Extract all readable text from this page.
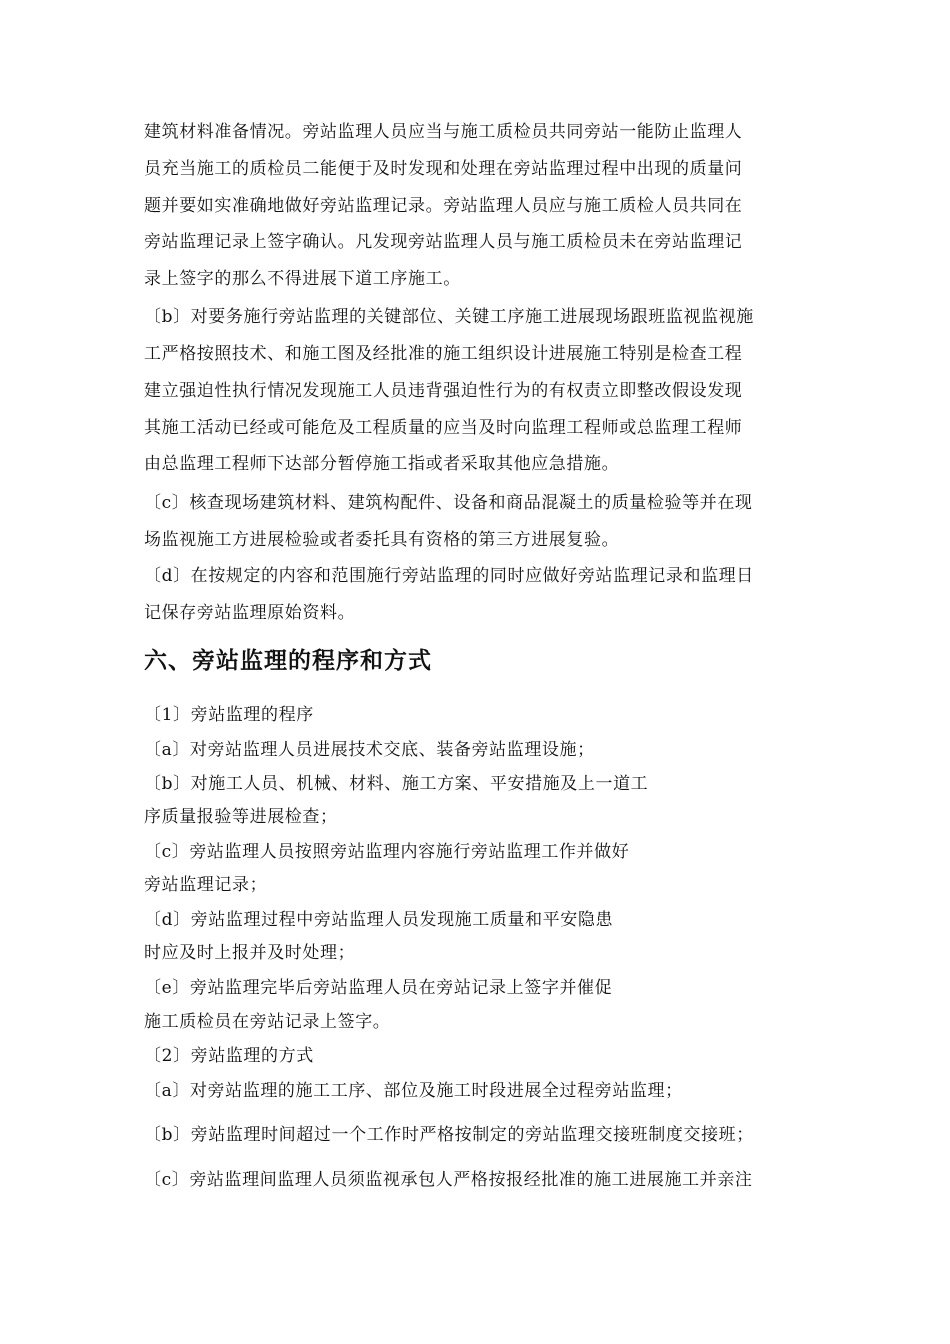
建筑材料准备情况。旁站监理人员应当与施工质检员共同旁站一能防止监理人
员充当施工的质检员二能便于及时发现和处理在旁站监理过程中出现的质量问
题并要如实准确地做好旁站监理记录。旁站监理人员应与施工质检人员共同在
旁站监理记录上签字确认。凡发现旁站监理人员与施工质检员未在旁站监理记
录上签字的那么不得进展下道工序施工。
〔b〕对要务施行旁站监理的关键部位、关键工序施工进展现场跟班监视监视施
工严格按照技术、和施工图及经批准的施工组织设计进展施工特别是检查工程
建立强迫性执行情况发现施工人员违背强迫性行为的有权责立即整改假设发现
其施工活动已经或可能危及工程质量的应当及时向监理工程师或总监理工程师
由总监理工程师下达部分暂停施工指或者采取其他应急措施。
〔c〕核查现场建筑材料、建筑构配件、设备和商品混凝土的质量检验等并在现
场监视施工方进展检验或者委托具有资格的第三方进展复验。
〔d〕在按规定的内容和范围施行旁站监理的同时应做好旁站监理记录和监理日
记保存旁站监理原始资料。
六、旁站监理的程序和方式
〔1〕旁站监理的程序
〔a〕对旁站监理人员进展技术交底、装备旁站监理设施；
〔b〕对施工人员、机械、材料、施工方案、平安措施及上一道工
序质量报验等进展检查；
〔c〕旁站监理人员按照旁站监理内容施行旁站监理工作并做好
旁站监理记录；
〔d〕旁站监理过程中旁站监理人员发现施工质量和平安隐患
时应及时上报并及时处理；
〔e〕旁站监理完毕后旁站监理人员在旁站记录上签字并催促
施工质检员在旁站记录上签字。
〔2〕旁站监理的方式
〔a〕对旁站监理的施工工序、部位及施工时段进展全过程旁站监理；
〔b〕旁站监理时间超过一个工作时严格按制定的旁站监理交接班制度交接班；
〔c〕旁站监理间监理人员须监视承包人严格按报经批准的施工进展施工并亲注
